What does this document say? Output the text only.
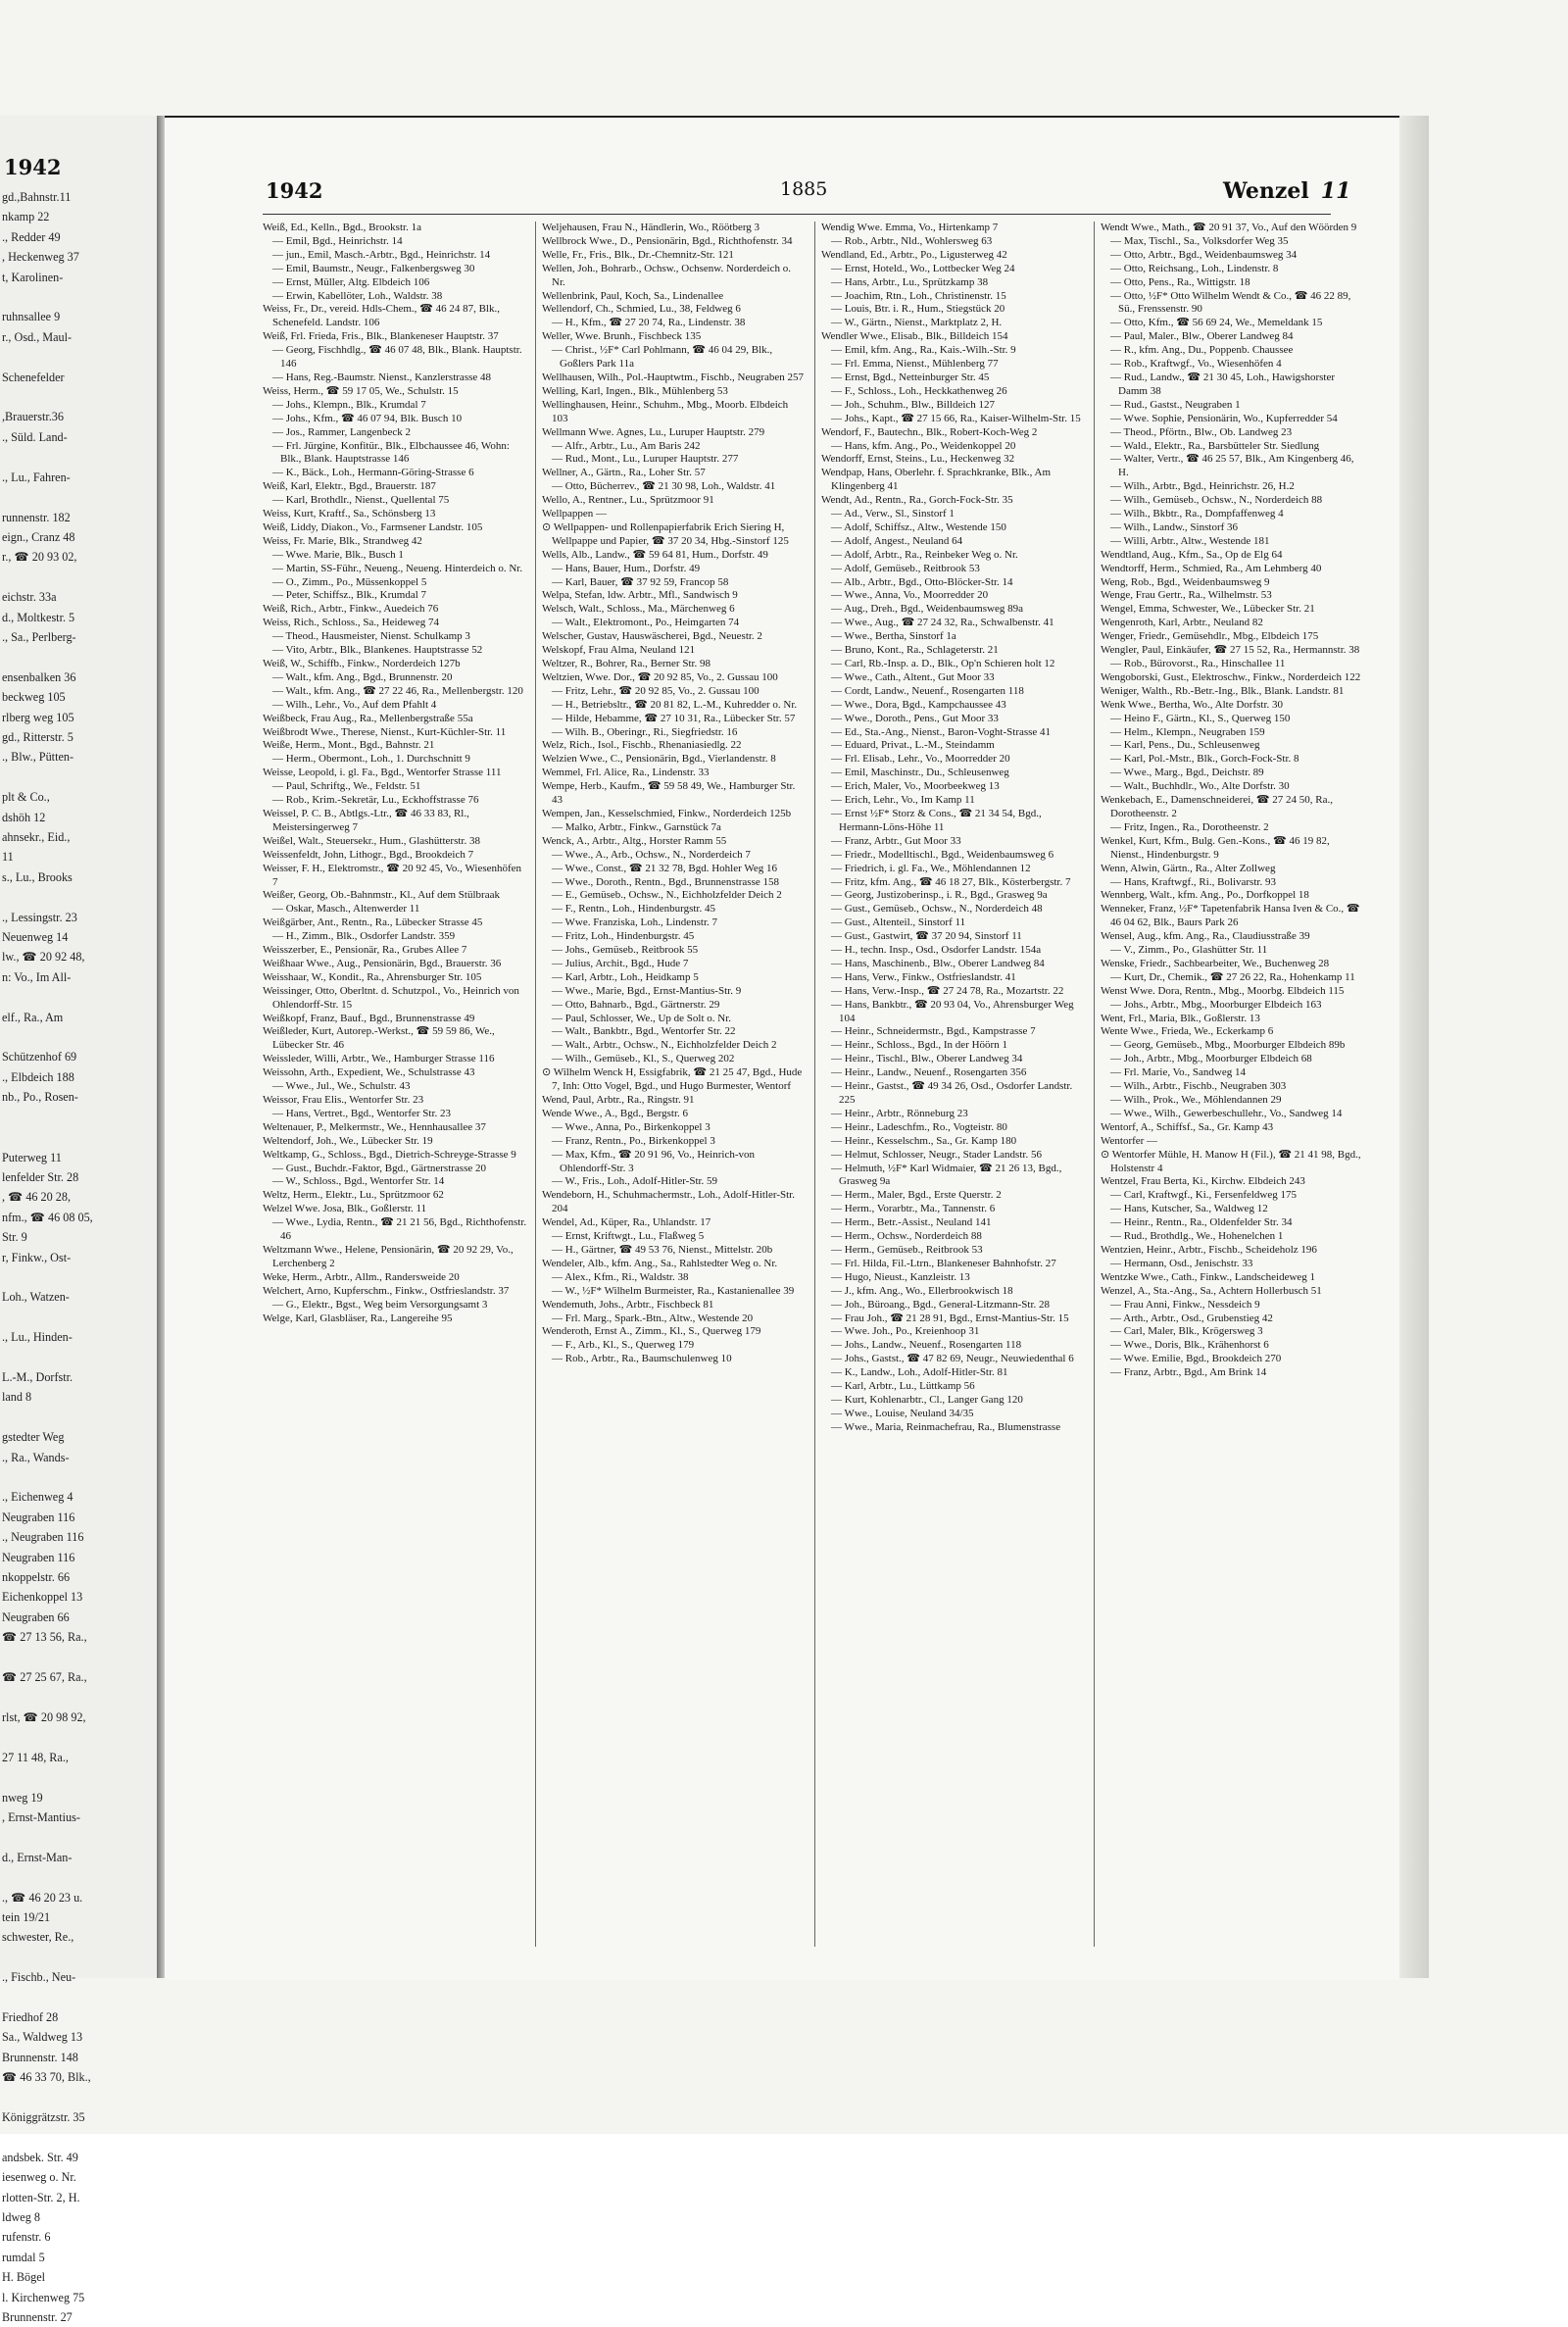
1942
gd.,Bahnstr.11
nkamp 22
., Redder 49
, Heckenweg 37
t, Karolinen-

ruhnsallee 9
r., Osd., Maul-

Schenefelder

,Brauerstr.36
., Süld. Land-

., Lu., Fahren-

runnenstr. 182
eign., Cranz 48
r., ☎ 20 93 02,

eichstr. 33a
d., Moltkestr. 5
., Sa., Perlberg-

ensenbalken 36
beckweg 105
rlberg weg 105
gd., Ritterstr. 5
., Blw., Pütten-

plt & Co.,
dshöh 12
ahnsekr., Eid.,
11
s., Lu., Brooks

., Lessingstr. 23
Neuenweg 14
lw., ☎ 20 92 48,
n: Vo., Im All-

elf., Ra., Am

Schützenhof 69
., Elbdeich 188
nb., Po., Rosen-

Puterweg 11
lenfelder Str. 28
, ☎ 46 20 28,
nfm., ☎ 46 08 05,
Str. 9
r, Finkw., Ost-

Loh., Watzen-

., Lu., Hinden-

L.-M., Dorfstr.
land 8

gstedter Weg
., Ra., Wands-

., Eichenweg 4
Neugraben 116
., Neugraben 116
Neugraben 116
nkoppelstr. 66
Eichenkoppel 13
Neugraben 66
☎ 27 13 56, Ra.,

☎ 27 25 67, Ra.,

rlst, ☎ 20 98 92,

27 11 48, Ra.,

nweg 19
, Ernst-Mantius-

d., Ernst-Man-

., ☎ 46 20 23 u.
tein 19/21
schwester, Re.,

., Fischb., Neu-

Friedhof 28
Sa., Waldweg 13
Brunnenstr. 148
☎ 46 33 70, Blk.,

Königgrätzstr. 35

andsbek. Str. 49
iesenweg o. Nr.
rlotten-Str. 2, H.
ldweg 8
rufenstr. 6
rumdal 5
H. Bögel
l. Kirchenweg 75
Brunnenstr. 27
1942	1885	Wenzel 11

Weiß, Ed., Kelln., Bgd., Brookstr. 1a

— Emil, Bgd., Heinrichstr. 14

— jun., Emil, Masch.-Arbtr., Bgd., Heinrichstr. 14

— Emil, Baumstr., Neugr., Falkenbergsweg 30

— Ernst, Müller, Altg. Elbdeich 106

— Erwin, Kabellöter, Loh., Waldstr. 38

Weiss, Fr., Dr., vereid. Hdls-Chem., ☎ 46 24 87, Blk., Schenefeld. Landstr. 106

Weiß, Frl. Frieda, Fris., Blk., Blankeneser Hauptstr. 37

— Georg, Fischhdlg., ☎ 46 07 48, Blk., Blank. Hauptstr. 146

— Hans, Reg.-Baumstr. Nienst., Kanzlerstrasse 48

Weiss, Herm., ☎ 59 17 05, We., Schulstr. 15

— Johs., Klempn., Blk., Krumdal 7

— Johs., Kfm., ☎ 46 07 94, Blk. Busch 10

— Jos., Rammer, Langenbeck 2

— Frl. Jürgine, Konfitür., Blk., Elbchaussee 46, Wohn: Blk., Blank. Hauptstrasse 146

— K., Bäck., Loh., Hermann-Göring-Strasse 6

Weiß, Karl, Elektr., Bgd., Brauerstr. 187

— Karl, Brothdlr., Nienst., Quellental 75

Weiss, Kurt, Kraftf., Sa., Schönsberg 13

Weiß, Liddy, Diakon., Vo., Farmsener Landstr. 105

Weiss, Fr. Marie, Blk., Strandweg 42

— Wwe. Marie, Blk., Busch 1

— Martin, SS-Führ., Neueng., Neueng. Hinterdeich o. Nr.

— O., Zimm., Po., Müssenkoppel 5

— Peter, Schiffsz., Blk., Krumdal 7

Weiß, Rich., Arbtr., Finkw., Auedeich 76

Weiss, Rich., Schloss., Sa., Heideweg 74

— Theod., Hausmeister, Nienst. Schulkamp 3

— Vito, Arbtr., Blk., Blankenes. Hauptstrasse 52

Weiß, W., Schiffb., Finkw., Norderdeich 127b

— Walt., kfm. Ang., Bgd., Brunnenstr. 20

— Walt., kfm. Ang., ☎ 27 22 46, Ra., Mellenbergstr. 120

— Wilh., Lehr., Vo., Auf dem Pfahlt 4

Weißbeck, Frau Aug., Ra., Mellenbergstraße 55a

Weißbrodt Wwe., Therese, Nienst., Kurt-Küchler-Str. 11

Weiße, Herm., Mont., Bgd., Bahnstr. 21

— Herm., Obermont., Loh., 1. Durchschnitt 9

Weisse, Leopold, i. gl. Fa., Bgd., Wentorfer Strasse 111

— Paul, Schriftg., We., Feldstr. 51

— Rob., Krim.-Sekretär, Lu., Eckhoffstrasse 76

Weissel, P. C. B., Abtlgs.-Ltr., ☎ 46 33 83, Rl., Meistersingerweg 7

Weißel, Walt., Steuersekr., Hum., Glashütterstr. 38

Weissenfeldt, John, Lithogr., Bgd., Brookdeich 7

Weisser, F. H., Elektromstr., ☎ 20 92 45, Vo., Wiesenhöfen 7

Weißer, Georg, Ob.-Bahnmstr., Kl., Auf dem Stülbraak

— Oskar, Masch., Altenwerder 11

Weißgärber, Ant., Rentn., Ra., Lübecker Strasse 45

— H., Zimm., Blk., Osdorfer Landstr. 359

Weisszerber, E., Pensionär, Ra., Grubes Allee 7

Weißhaar Wwe., Aug., Pensionärin, Bgd., Brauerstr. 36

Weisshaar, W., Kondit., Ra., Ahrensburger Str. 105

Weissinger, Otto, Oberltnt. d. Schutzpol., Vo., Heinrich von Ohlendorff-Str. 15

Weißkopf, Franz, Bauf., Bgd., Brunnenstrasse 49

Weißleder, Kurt, Autorep.-Werkst., ☎ 59 59 86, We., Lübecker Str. 46

Weissleder, Willi, Arbtr., We., Hamburger Strasse 116

Weissohn, Arth., Expedient, We., Schulstrasse 43

— Wwe., Jul., We., Schulstr. 43

Weissor, Frau Elis., Wentorfer Str. 23

— Hans, Vertret., Bgd., Wentorfer Str. 23

Weltenauer, P., Melkermstr., We., Hennhausallee 37

Weltendorf, Joh., We., Lübecker Str. 19

Weltkamp, G., Schloss., Bgd., Dietrich-Schreyge-Strasse 9

— Gust., Buchdr.-Faktor, Bgd., Gärtnerstrasse 20

— W., Schloss., Bgd., Wentorfer Str. 14

Weltz, Herm., Elektr., Lu., Sprützmoor 62

Welzel Wwe. Josa, Blk., Goßlerstr. 11

— Wwe., Lydia, Rentn., ☎ 21 21 56, Bgd., Richthofenstr. 46

Weltzmann Wwe., Helene, Pensionärin, ☎ 20 92 29, Vo., Lerchenberg 2

Weke, Herm., Arbtr., Allm., Randersweide 20

Welchert, Arno, Kupferschm., Finkw., Ostfrieslandstr. 37

— G., Elektr., Bgst., Weg beim Versorgungsamt 3

Welge, Karl, Glasbläser, Ra., Langereihe 95

Weljehausen, Frau N., Händlerin, Wo., Röötberg 3

Wellbrock Wwe., D., Pensionärin, Bgd., Richthofenstr. 34

Welle, Fr., Fris., Blk., Dr.-Chemnitz-Str. 121

Wellen, Joh., Bohrarb., Ochsw., Ochsenw. Norderdeich o. Nr.

Wellenbrink, Paul, Koch, Sa., Lindenallee

Wellendorf, Ch., Schmied, Lu., 38, Feldweg 6

— H., Kfm., ☎ 27 20 74, Ra., Lindenstr. 38

Weller, Wwe. Brunh., Fischbeck 135

— Christ., ½F* Carl Pohlmann, ☎ 46 04 29, Blk., Goßlers Park 11a

Wellhausen, Wilh., Pol.-Hauptwtm., Fischb., Neugraben 257

Welling, Karl, Ingen., Blk., Mühlenberg 53

Wellinghausen, Heinr., Schuhm., Mbg., Moorb. Elbdeich 103

Wellmann Wwe. Agnes, Lu., Luruper Hauptstr. 279

— Alfr., Arbtr., Lu., Am Baris 242

— Rud., Mont., Lu., Luruper Hauptstr. 277

Wellner, A., Gärtn., Ra., Loher Str. 57

— Otto, Bücherrev., ☎ 21 30 98, Loh., Waldstr. 41

Wello, A., Rentner., Lu., Sprützmoor 91

Wellpappen —

⊙ Wellpappen- und Rollenpapierfabrik Erich Siering H, Wellpappe und Papier, ☎ 37 20 34, Hbg.-Sinstorf 125

Wells, Alb., Landw., ☎ 59 64 81, Hum., Dorfstr. 49

— Hans, Bauer, Hum., Dorfstr. 49

— Karl, Bauer, ☎ 37 92 59, Francop 58

Welpa, Stefan, ldw. Arbtr., Mfl., Sandwisch 9

Welsch, Walt., Schloss., Ma., Märchenweg 6

— Walt., Elektromont., Po., Heimgarten 74

Welscher, Gustav, Hauswäscherei, Bgd., Neuestr. 2

Welskopf, Frau Alma, Neuland 121

Weltzer, R., Bohrer, Ra., Berner Str. 98

Weltzien, Wwe. Dor., ☎ 20 92 85, Vo., 2. Gussau 100

— Fritz, Lehr., ☎ 20 92 85, Vo., 2. Gussau 100

— H., Betriebsltr., ☎ 20 81 82, L.-M., Kuhredder o. Nr.

— Hilde, Hebamme, ☎ 27 10 31, Ra., Lübecker Str. 57

— Wilh. B., Oberingr., Ri., Siegfriedstr. 16

Welz, Rich., Isol., Fischb., Rhenaniasiedlg. 22

Welzien Wwe., C., Pensionärin, Bgd., Vierlandenstr. 8

Wemmel, Frl. Alice, Ra., Lindenstr. 33

Wempe, Herb., Kaufm., ☎ 59 58 49, We., Hamburger Str. 43

Wempen, Jan., Kesselschmied, Finkw., Norderdeich 125b

— Malko, Arbtr., Finkw., Garnstück 7a

Wenck, A., Arbtr., Altg., Horster Ramm 55

— Wwe., A., Arb., Ochsw., N., Norderdeich 7

— Wwe., Const., ☎ 21 32 78, Bgd. Hohler Weg 16

— Wwe., Doroth., Rentn., Bgd., Brunnenstrasse 158

— E., Gemüseb., Ochsw., N., Eichholzfelder Deich 2

— F., Rentn., Loh., Hindenburgstr. 45

— Wwe. Franziska, Loh., Lindenstr. 7

— Fritz, Loh., Hindenburgstr. 45

— Johs., Gemüseb., Reitbrook 55

— Julius, Archit., Bgd., Hude 7

— Karl, Arbtr., Loh., Heidkamp 5

— Wwe., Marie, Bgd., Ernst-Mantius-Str. 9

— Otto, Bahnarb., Bgd., Gärtnerstr. 29

— Paul, Schlosser, We., Up de Solt o. Nr.

— Walt., Bankbtr., Bgd., Wentorfer Str. 22

— Walt., Arbtr., Ochsw., N., Eichholzfelder Deich 2

— Wilh., Gemüseb., Kl., S., Querweg 202

⊙ Wilhelm Wenck H, Essigfabrik, ☎ 21 25 47, Bgd., Hude 7, Inh: Otto Vogel, Bgd., und Hugo Burmester, Wentorf

Wend, Paul, Arbtr., Ra., Ringstr. 91

Wende Wwe., A., Bgd., Bergstr. 6

— Wwe., Anna, Po., Birkenkoppel 3

— Franz, Rentn., Po., Birkenkoppel 3

— Max, Kfm., ☎ 20 91 96, Vo., Heinrich-von Ohlendorff-Str. 3

— W., Fris., Loh., Adolf-Hitler-Str. 59

Wendeborn, H., Schuhmachermstr., Loh., Adolf-Hitler-Str. 204

Wendel, Ad., Küper, Ra., Uhlandstr. 17

— Ernst, Kriftwgt., Lu., Flaßweg 5

— H., Gärtner, ☎ 49 53 76, Nienst., Mittelstr. 20b

Wendeler, Alb., kfm. Ang., Sa., Rahlstedter Weg o. Nr.

— Alex., Kfm., Ri., Waldstr. 38

— W., ½F* Wilhelm Burmeister, Ra., Kastanienallee 39

Wendemuth, Johs., Arbtr., Fischbeck 81

— Frl. Marg., Spark.-Btn., Altw., Westende 20

Wenderoth, Ernst A., Zimm., Kl., S., Querweg 179

— F., Arb., Kl., S., Querweg 179

— Rob., Arbtr., Ra., Baumschulenweg 10

Wendig Wwe. Emma, Vo., Hirtenkamp 7

— Rob., Arbtr., Nld., Wohlersweg 63

Wendland, Ed., Arbtr., Po., Ligusterweg 42

— Ernst, Hoteld., Wo., Lottbecker Weg 24

— Hans, Arbtr., Lu., Sprützkamp 38

— Joachim, Rtn., Loh., Christinenstr. 15

— Louis, Btr. i. R., Hum., Stiegstück 20

— W., Gärtn., Nienst., Marktplatz 2, H.

Wendler Wwe., Elisab., Blk., Billdeich 154

— Emil, kfm. Ang., Ra., Kais.-Wilh.-Str. 9

— Frl. Emma, Nienst., Mühlenberg 77

— Ernst, Bgd., Netteinburger Str. 45

— F., Schloss., Loh., Heckkathenweg 26

— Joh., Schuhm., Blw., Billdeich 127

— Johs., Kapt., ☎ 27 15 66, Ra., Kaiser-Wilhelm-Str. 15

Wendorf, F., Bautechn., Blk., Robert-Koch-Weg 2

— Hans, kfm. Ang., Po., Weidenkoppel 20

Wendorff, Ernst, Steins., Lu., Heckenweg 32

Wendpap, Hans, Oberlehr. f. Sprachkranke, Blk., Am Klingenberg 41

Wendt, Ad., Rentn., Ra., Gorch-Fock-Str. 35

— Ad., Verw., Sl., Sinstorf 1

— Adolf, Schiffsz., Altw., Westende 150

— Adolf, Angest., Neuland 64

— Adolf, Arbtr., Ra., Reinbeker Weg o. Nr.

— Adolf, Gemüseb., Reitbrook 53

— Alb., Arbtr., Bgd., Otto-Blöcker-Str. 14

— Wwe., Anna, Vo., Moorredder 20

— Aug., Dreh., Bgd., Weidenbaumsweg 89a

— Wwe., Aug., ☎ 27 24 32, Ra., Schwalbenstr. 41

— Wwe., Bertha, Sinstorf 1a

— Bruno, Kont., Ra., Schlageterstr. 21

— Carl, Rb.-Insp. a. D., Blk., Op'n Schieren holt 12

— Wwe., Cath., Altent., Gut Moor 33

— Cordt, Landw., Neuenf., Rosengarten 118

— Wwe., Dora, Bgd., Kampchaussee 43

— Wwe., Doroth., Pens., Gut Moor 33

— Ed., Sta.-Ang., Nienst., Baron-Voght-Strasse 41

— Eduard, Privat., L.-M., Steindamm

— Frl. Elisab., Lehr., Vo., Moorredder 20

— Emil, Maschinstr., Du., Schleusenweg

— Erich, Maler, Vo., Moorbeekweg 13

— Erich, Lehr., Vo., Im Kamp 11

— Ernst ½F* Storz & Cons., ☎ 21 34 54, Bgd., Hermann-Löns-Höhe 11

— Franz, Arbtr., Gut Moor 33

— Friedr., Modelltischl., Bgd., Weidenbaumsweg 6

— Friedrich, i. gl. Fa., We., Möhlendannen 12

— Fritz, kfm. Ang., ☎ 46 18 27, Blk., Kösterbergstr. 7

— Georg, Justizoberinsp., i. R., Bgd., Grasweg 9a

— Gust., Gemüseb., Ochsw., N., Norderdeich 48

— Gust., Altenteil., Sinstorf 11

— Gust., Gastwirt, ☎ 37 20 94, Sinstorf 11

— H., techn. Insp., Osd., Osdorfer Landstr. 154a

— Hans, Maschinenb., Blw., Oberer Landweg 84

— Hans, Verw., Finkw., Ostfrieslandstr. 41

— Hans, Verw.-Insp., ☎ 27 24 78, Ra., Mozartstr. 22

— Hans, Bankbtr., ☎ 20 93 04, Vo., Ahrensburger Weg 104

— Heinr., Schneidermstr., Bgd., Kampstrasse 7

— Heinr., Schloss., Bgd., In der Höörn 1

— Heinr., Tischl., Blw., Oberer Landweg 34

— Heinr., Landw., Neuenf., Rosengarten 356

— Heinr., Gastst., ☎ 49 34 26, Osd., Osdorfer Landstr. 225

— Heinr., Arbtr., Rönneburg 23

— Heinr., Ladeschfm., Ro., Vogteistr. 80

— Heinr., Kesselschm., Sa., Gr. Kamp 180

— Helmut, Schlosser, Neugr., Stader Landstr. 56

— Helmuth, ½F* Karl Widmaier, ☎ 21 26 13, Bgd., Grasweg 9a

— Herm., Maler, Bgd., Erste Querstr. 2

— Herm., Vorarbtr., Ma., Tannenstr. 6

— Herm., Betr.-Assist., Neuland 141

— Herm., Ochsw., Norderdeich 88

— Herm., Gemüseb., Reitbrook 53

— Frl. Hilda, Fil.-Ltrn., Blankeneser Bahnhofstr. 27

— Hugo, Nieust., Kanzleistr. 13

— J., kfm. Ang., Wo., Ellerbrookwisch 18

— Joh., Büroang., Bgd., General-Litzmann-Str. 28

— Frau Joh., ☎ 21 28 91, Bgd., Ernst-Mantius-Str. 15

— Wwe. Joh., Po., Kreienhoop 31

— Johs., Landw., Neuenf., Rosengarten 118

— Johs., Gastst., ☎ 47 82 69, Neugr., Neuwiedenthal 6

— K., Landw., Loh., Adolf-Hitler-Str. 81

— Karl, Arbtr., Lu., Lüttkamp 56

— Kurt, Kohlenarbtr., Cl., Langer Gang 120

— Wwe., Louise, Neuland 34/35

— Wwe., Maria, Reinmachefrau, Ra., Blumenstrasse

Wendt Wwe., Math., ☎ 20 91 37, Vo., Auf den Wöörden 9

— Max, Tischl., Sa., Volksdorfer Weg 35

— Otto, Arbtr., Bgd., Weidenbaumsweg 34

— Otto, Reichsang., Loh., Lindenstr. 8

— Otto, Pens., Ra., Wittigstr. 18

— Otto, ½F* Otto Wilhelm Wendt & Co., ☎ 46 22 89, Sü., Frenssenstr. 90

— Otto, Kfm., ☎ 56 69 24, We., Memeldank 15

— Paul, Maler., Blw., Oberer Landweg 84

— R., kfm. Ang., Du., Poppenb. Chaussee

— Rob., Kraftwgf., Vo., Wiesenhöfen 4

— Rud., Landw., ☎ 21 30 45, Loh., Hawigshorster Damm 38

— Rud., Gastst., Neugraben 1

— Wwe. Sophie, Pensionärin, Wo., Kupferredder 54

— Theod., Pförtn., Blw., Ob. Landweg 23

— Wald., Elektr., Ra., Barsbütteler Str. Siedlung

— Walter, Vertr., ☎ 46 25 57, Blk., Am Kingenberg 46, H.

— Wilh., Arbtr., Bgd., Heinrichstr. 26, H.2

— Wilh., Gemüseb., Ochsw., N., Norderdeich 88

— Wilh., Bkbtr., Ra., Dompfaffenweg 4

— Wilh., Landw., Sinstorf 36

— Willi, Arbtr., Altw., Westende 181

Wendtland, Aug., Kfm., Sa., Op de Elg 64

Wendtorff, Herm., Schmied, Ra., Am Lehmberg 40

Weng, Rob., Bgd., Weidenbaumsweg 9

Wenge, Frau Gertr., Ra., Wilhelmstr. 53

Wengel, Emma, Schwester, We., Lübecker Str. 21

Wengenroth, Karl, Arbtr., Neuland 82

Wenger, Friedr., Gemüsehdlr., Mbg., Elbdeich 175

Wengler, Paul, Einkäufer, ☎ 27 15 52, Ra., Hermannstr. 38

— Rob., Bürovorst., Ra., Hinschallee 11

Wengoborski, Gust., Elektroschw., Finkw., Norderdeich 122

Weniger, Walth., Rb.-Betr.-Ing., Blk., Blank. Landstr. 81

Wenk Wwe., Bertha, Wo., Alte Dorfstr. 30

— Heino F., Gärtn., Kl., S., Querweg 150

— Helm., Klempn., Neugraben 159

— Karl, Pens., Du., Schleusenweg

— Karl, Pol.-Mstr., Blk., Gorch-Fock-Str. 8

— Wwe., Marg., Bgd., Deichstr. 89

— Walt., Buchhdlr., Wo., Alte Dorfstr. 30

Wenkebach, E., Damenschneiderei, ☎ 27 24 50, Ra., Dorotheenstr. 2

— Fritz, Ingen., Ra., Dorotheenstr. 2

Wenkel, Kurt, Kfm., Bulg. Gen.-Kons., ☎ 46 19 82, Nienst., Hindenburgstr. 9

Wenn, Alwin, Gärtn., Ra., Alter Zollweg

— Hans, Kraftwgf., Ri., Bolivarstr. 93

Wennberg, Walt., kfm. Ang., Po., Dorfkoppel 18

Wenneker, Franz, ½F* Tapetenfabrik Hansa Iven & Co., ☎ 46 04 62, Blk., Baurs Park 26

Wensel, Aug., kfm. Ang., Ra., Claudiusstraße 39

— V., Zimm., Po., Glashütter Str. 11

Wenske, Friedr., Sachbearbeiter, We., Buchenweg 28

— Kurt, Dr., Chemik., ☎ 27 26 22, Ra., Hohenkamp 11

Wenst Wwe. Dora, Rentn., Mbg., Moorbg. Elbdeich 115

— Johs., Arbtr., Mbg., Moorburger Elbdeich 163

Went, Frl., Maria, Blk., Goßlerstr. 13

Wente Wwe., Frieda, We., Eckerkamp 6

— Georg, Gemüseb., Mbg., Moorburger Elbdeich 89b

— Joh., Arbtr., Mbg., Moorburger Elbdeich 68

— Frl. Marie, Vo., Sandweg 14

— Wilh., Arbtr., Fischb., Neugraben 303

— Wilh., Prok., We., Möhlendannen 29

— Wwe., Wilh., Gewerbeschullehr., Vo., Sandweg 14

Wentorf, A., Schiffsf., Sa., Gr. Kamp 43

Wentorfer —

⊙ Wentorfer Mühle, H. Manow H (Fil.), ☎ 21 41 98, Bgd., Holstenstr 4

Wentzel, Frau Berta, Ki., Kirchw. Elbdeich 243

— Carl, Kraftwgf., Ki., Fersenfeldweg 175

— Hans, Kutscher, Sa., Waldweg 12

— Heinr., Rentn., Ra., Oldenfelder Str. 34

— Rud., Brothdlg., We., Hohenelchen 1

Wentzien, Heinr., Arbtr., Fischb., Scheideholz 196

— Hermann, Osd., Jenischstr. 33

Wentzke Wwe., Cath., Finkw., Landscheideweg 1

Wenzel, A., Sta.-Ang., Sa., Achtern Hollerbusch 51

— Frau Anni, Finkw., Nessdeich 9

— Arth., Arbtr., Osd., Grubenstieg 42

— Carl, Maler, Blk., Krögersweg 3

— Wwe., Doris, Blk., Krähenhorst 6

— Wwe. Emilie, Bgd., Brookdeich 270

— Franz, Arbtr., Bgd., Am Brink 14
